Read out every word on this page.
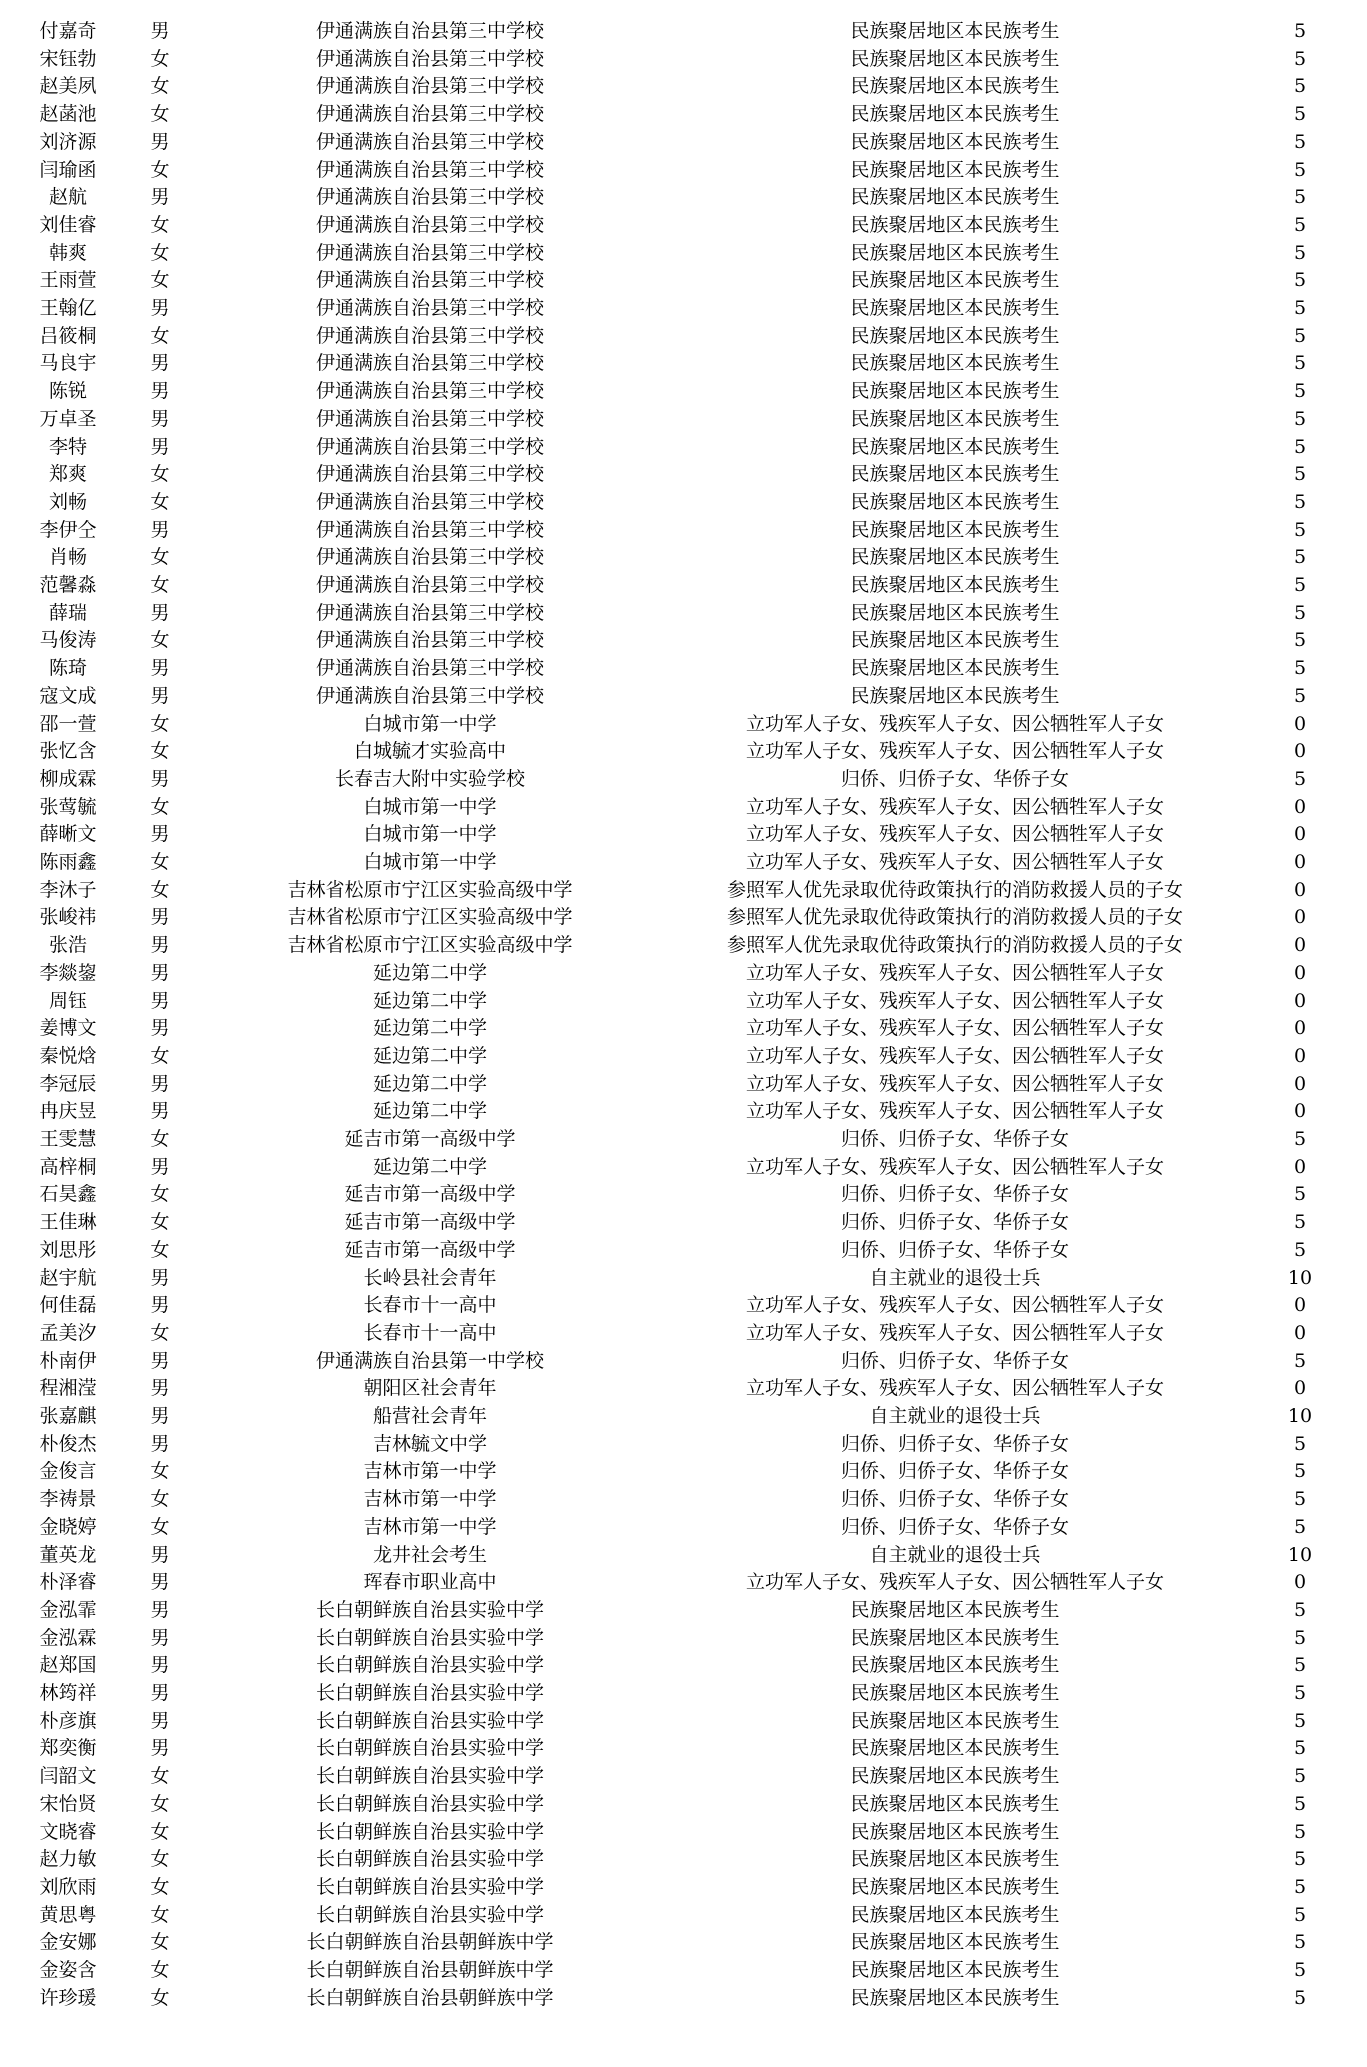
付嘉奇	男	伊通满族自治县第三中学校	民族聚居地区本民族考生	5
宋钰勃	女	伊通满族自治县第三中学校	民族聚居地区本民族考生	5
赵美夙	女	伊通满族自治县第三中学校	民族聚居地区本民族考生	5
赵菡池	女	伊通满族自治县第三中学校	民族聚居地区本民族考生	5
刘济源	男	伊通满族自治县第三中学校	民族聚居地区本民族考生	5
闫瑜函	女	伊通满族自治县第三中学校	民族聚居地区本民族考生	5
赵航	男	伊通满族自治县第三中学校	民族聚居地区本民族考生	5
刘佳睿	女	伊通满族自治县第三中学校	民族聚居地区本民族考生	5
韩爽	女	伊通满族自治县第三中学校	民族聚居地区本民族考生	5
王雨萱	女	伊通满族自治县第三中学校	民族聚居地区本民族考生	5
王翰亿	男	伊通满族自治县第三中学校	民族聚居地区本民族考生	5
吕筱桐	女	伊通满族自治县第三中学校	民族聚居地区本民族考生	5
马良宇	男	伊通满族自治县第三中学校	民族聚居地区本民族考生	5
陈锐	男	伊通满族自治县第三中学校	民族聚居地区本民族考生	5
万卓圣	男	伊通满族自治县第三中学校	民族聚居地区本民族考生	5
李特	男	伊通满族自治县第三中学校	民族聚居地区本民族考生	5
郑爽	女	伊通满族自治县第三中学校	民族聚居地区本民族考生	5
刘畅	女	伊通满族自治县第三中学校	民族聚居地区本民族考生	5
李伊仝	男	伊通满族自治县第三中学校	民族聚居地区本民族考生	5
肖畅	女	伊通满族自治县第三中学校	民族聚居地区本民族考生	5
范馨淼	女	伊通满族自治县第三中学校	民族聚居地区本民族考生	5
薛瑞	男	伊通满族自治县第三中学校	民族聚居地区本民族考生	5
马俊涛	女	伊通满族自治县第三中学校	民族聚居地区本民族考生	5
陈琦	男	伊通满族自治县第三中学校	民族聚居地区本民族考生	5
寇文成	男	伊通满族自治县第三中学校	民族聚居地区本民族考生	5
邵一萱	女	白城市第一中学	立功军人子女、残疾军人子女、因公牺牲军人子女	0
张忆含	女	白城毓才实验高中	立功军人子女、残疾军人子女、因公牺牲军人子女	0
柳成霖	男	长春吉大附中实验学校	归侨、归侨子女、华侨子女	5
张莺毓	女	白城市第一中学	立功军人子女、残疾军人子女、因公牺牲军人子女	0
薛晰文	男	白城市第一中学	立功军人子女、残疾军人子女、因公牺牲军人子女	0
陈雨鑫	女	白城市第一中学	立功军人子女、残疾军人子女、因公牺牲军人子女	0
李沐子	女	吉林省松原市宁江区实验高级中学	参照军人优先录取优待政策执行的消防救援人员的子女	0
张峻祎	男	吉林省松原市宁江区实验高级中学	参照军人优先录取优待政策执行的消防救援人员的子女	0
张浩	男	吉林省松原市宁江区实验高级中学	参照军人优先录取优待政策执行的消防救援人员的子女	0
李燚鋆	男	延边第二中学	立功军人子女、残疾军人子女、因公牺牲军人子女	0
周钰	男	延边第二中学	立功军人子女、残疾军人子女、因公牺牲军人子女	0
姜博文	男	延边第二中学	立功军人子女、残疾军人子女、因公牺牲军人子女	0
秦悦焓	女	延边第二中学	立功军人子女、残疾军人子女、因公牺牲军人子女	0
李冠辰	男	延边第二中学	立功军人子女、残疾军人子女、因公牺牲军人子女	0
冉庆昱	男	延边第二中学	立功军人子女、残疾军人子女、因公牺牲军人子女	0
王雯慧	女	延吉市第一高级中学	归侨、归侨子女、华侨子女	5
高梓桐	男	延边第二中学	立功军人子女、残疾军人子女、因公牺牲军人子女	0
石昊鑫	女	延吉市第一高级中学	归侨、归侨子女、华侨子女	5
王佳琳	女	延吉市第一高级中学	归侨、归侨子女、华侨子女	5
刘思彤	女	延吉市第一高级中学	归侨、归侨子女、华侨子女	5
赵宇航	男	长岭县社会青年	自主就业的退役士兵	10
何佳磊	男	长春市十一高中	立功军人子女、残疾军人子女、因公牺牲军人子女	0
孟美汐	女	长春市十一高中	立功军人子女、残疾军人子女、因公牺牲军人子女	0
朴南伊	男	伊通满族自治县第一中学校	归侨、归侨子女、华侨子女	5
程湘滢	男	朝阳区社会青年	立功军人子女、残疾军人子女、因公牺牲军人子女	0
张嘉麒	男	船营社会青年	自主就业的退役士兵	10
朴俊杰	男	吉林毓文中学	归侨、归侨子女、华侨子女	5
金俊言	女	吉林市第一中学	归侨、归侨子女、华侨子女	5
李祷景	女	吉林市第一中学	归侨、归侨子女、华侨子女	5
金晓婷	女	吉林市第一中学	归侨、归侨子女、华侨子女	5
董英龙	男	龙井社会考生	自主就业的退役士兵	10
朴泽睿	男	珲春市职业高中	立功军人子女、残疾军人子女、因公牺牲军人子女	0
金泓霏	男	长白朝鲜族自治县实验中学	民族聚居地区本民族考生	5
金泓霖	男	长白朝鲜族自治县实验中学	民族聚居地区本民族考生	5
赵郑国	男	长白朝鲜族自治县实验中学	民族聚居地区本民族考生	5
林筠祥	男	长白朝鲜族自治县实验中学	民族聚居地区本民族考生	5
朴彦旗	男	长白朝鲜族自治县实验中学	民族聚居地区本民族考生	5
郑奕衡	男	长白朝鲜族自治县实验中学	民族聚居地区本民族考生	5
闫韶文	女	长白朝鲜族自治县实验中学	民族聚居地区本民族考生	5
宋怡贤	女	长白朝鲜族自治县实验中学	民族聚居地区本民族考生	5
文晓睿	女	长白朝鲜族自治县实验中学	民族聚居地区本民族考生	5
赵力敏	女	长白朝鲜族自治县实验中学	民族聚居地区本民族考生	5
刘欣雨	女	长白朝鲜族自治县实验中学	民族聚居地区本民族考生	5
黄思粤	女	长白朝鲜族自治县实验中学	民族聚居地区本民族考生	5
金安娜	女	长白朝鲜族自治县朝鲜族中学	民族聚居地区本民族考生	5
金姿含	女	长白朝鲜族自治县朝鲜族中学	民族聚居地区本民族考生	5
许珍瑗	女	长白朝鲜族自治县朝鲜族中学	民族聚居地区本民族考生	5
